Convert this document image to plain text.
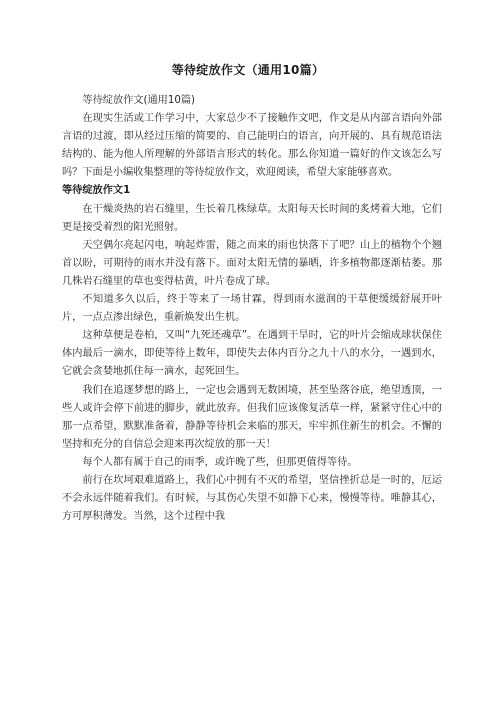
等待绽放作文（通用10篇）

等待绽放作文(通用10篇)

在现实生活或工作学习中，大家总少不了接触作文吧，作文是从内部言语向外部言语的过渡，即从经过压缩的简要的、自己能明白的语言，向开展的、具有规范语法结构的、能为他人所理解的外部语言形式的转化。那么你知道一篇好的作文该怎么写吗？下面是小编收集整理的等待绽放作文，欢迎阅读，希望大家能够喜欢。

等待绽放作文1

在干燥炎热的岩石缝里，生长着几株绿草。太阳每天长时间的炙烤着大地，它们更是接受着烈的阳光照射。

天空偶尔亮起闪电，响起炸雷，随之而来的雨也快落下了吧？山上的植物个个翘首以盼，可期待的雨水并没有落下。面对太阳无情的暴晒，许多植物都逐渐枯萎。那几株岩石缝里的草也变得枯黄，叶片卷成了球。

不知道多久以后，终于等来了一场甘霖，得到雨水滋润的干草便缓缓舒展开叶片，一点点渗出绿色，重新焕发出生机。

这种草便是卷柏，又叫“九死还魂草”。在遇到干旱时，它的叶片会缩成球状保住体内最后一滴水，即使等待上数年，即使失去体内百分之九十八的水分，一遇到水，它就会贪婪地抓住每一滴水，起死回生。

我们在追逐梦想的路上，一定也会遇到无数困境，甚至坠落谷底，绝望透顶，一些人或许会停下前进的脚步，就此放弃。但我们应该像复活草一样，紧紧守住心中的那一点希望，默默准备着，静静等待机会来临的那天，牢牢抓住新生的机会。不懈的坚持和充分的自信总会迎来再次绽放的那一天！

每个人都有属于自己的雨季，或许晚了些，但那更值得等待。

前行在坎坷艰难道路上，我们心中拥有不灭的希望，坚信挫折总是一时的，厄运不会永远伴随着我们。有时候，与其伤心失望不如静下心来，慢慢等待。唯静其心，方可厚积薄发。当然，这个过程中我
